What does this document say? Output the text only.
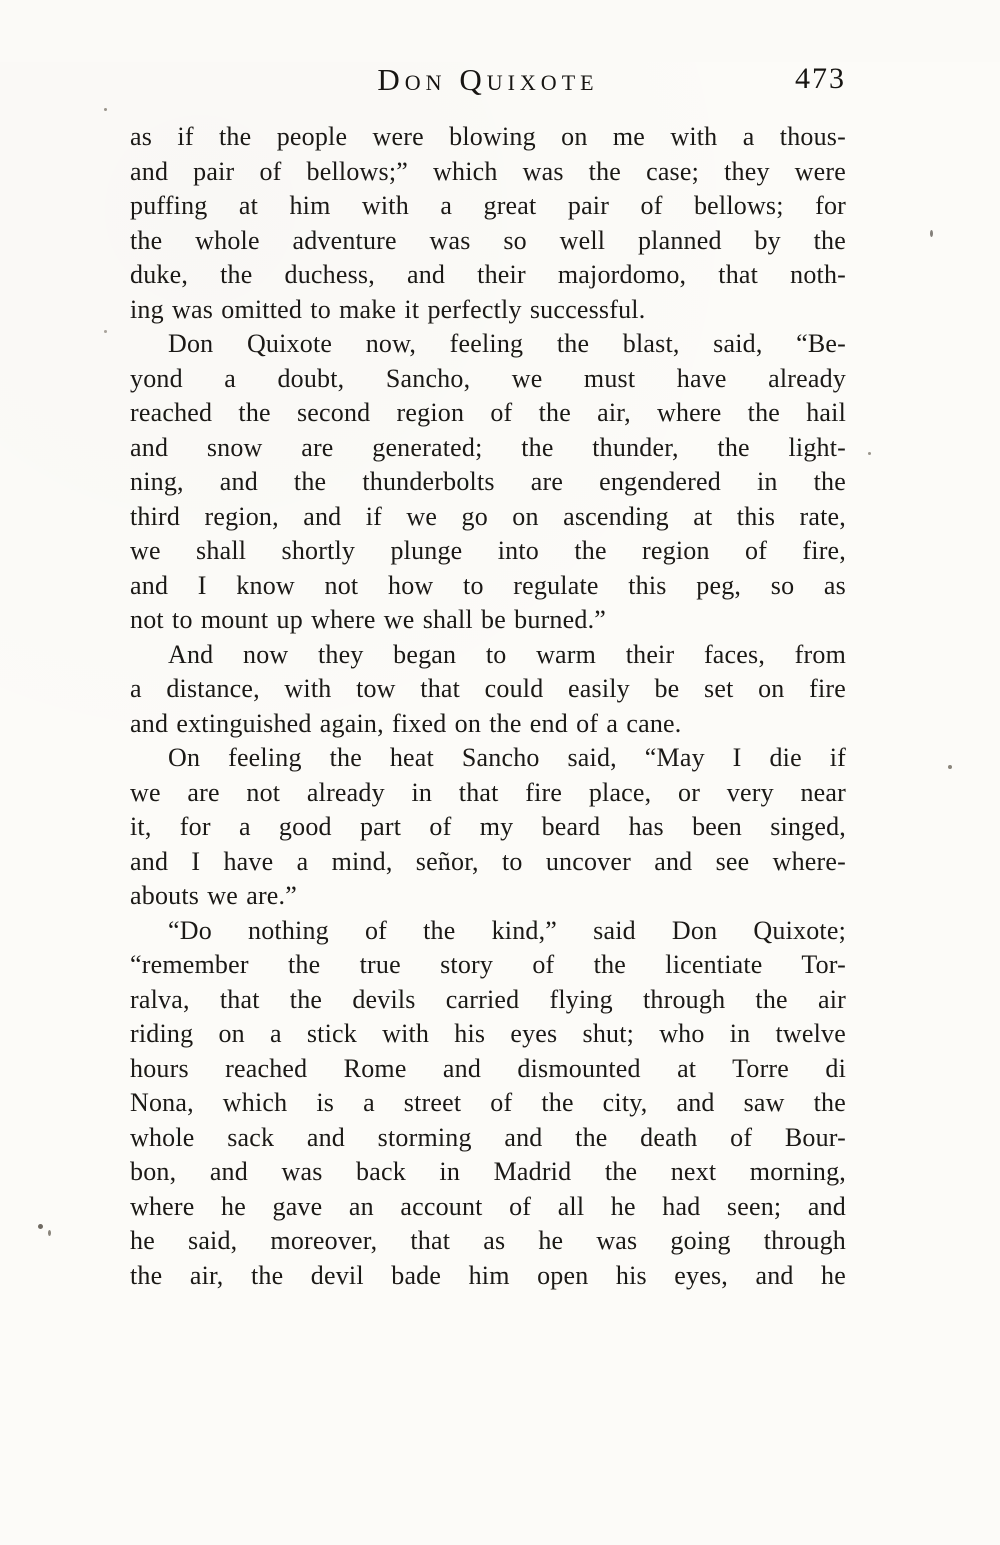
Don Quixote	473
as if the people were blowing on me with a thous-
and pair of bellows;” which was the case; they were
puffing at him with a great pair of bellows; for
the whole adventure was so well planned by the
duke, the duchess, and their majordomo, that noth-
ing was omitted to make it perfectly successful.
Don Quixote now, feeling the blast, said, “Be-
yond a doubt, Sancho, we must have already
reached the second region of the air, where the hail
and snow are generated; the thunder, the light-
ning, and the thunderbolts are engendered in the
third region, and if we go on ascending at this rate,
we shall shortly plunge into the region of fire,
and I know not how to regulate this peg, so as
not to mount up where we shall be burned.”
And now they began to warm their faces, from
a distance, with tow that could easily be set on fire
and extinguished again, fixed on the end of a cane.
On feeling the heat Sancho said, “May I die if
we are not already in that fire place, or very near
it, for a good part of my beard has been singed,
and I have a mind, señor, to uncover and see where-
abouts we are.”
“Do nothing of the kind,” said Don Quixote;
“remember the true story of the licentiate Tor-
ralva, that the devils carried flying through the air
riding on a stick with his eyes shut; who in twelve
hours reached Rome and dismounted at Torre di
Nona, which is a street of the city, and saw the
whole sack and storming and the death of Bour-
bon, and was back in Madrid the next morning,
where he gave an account of all he had seen; and
he said, moreover, that as he was going through
the air, the devil bade him open his eyes, and he
